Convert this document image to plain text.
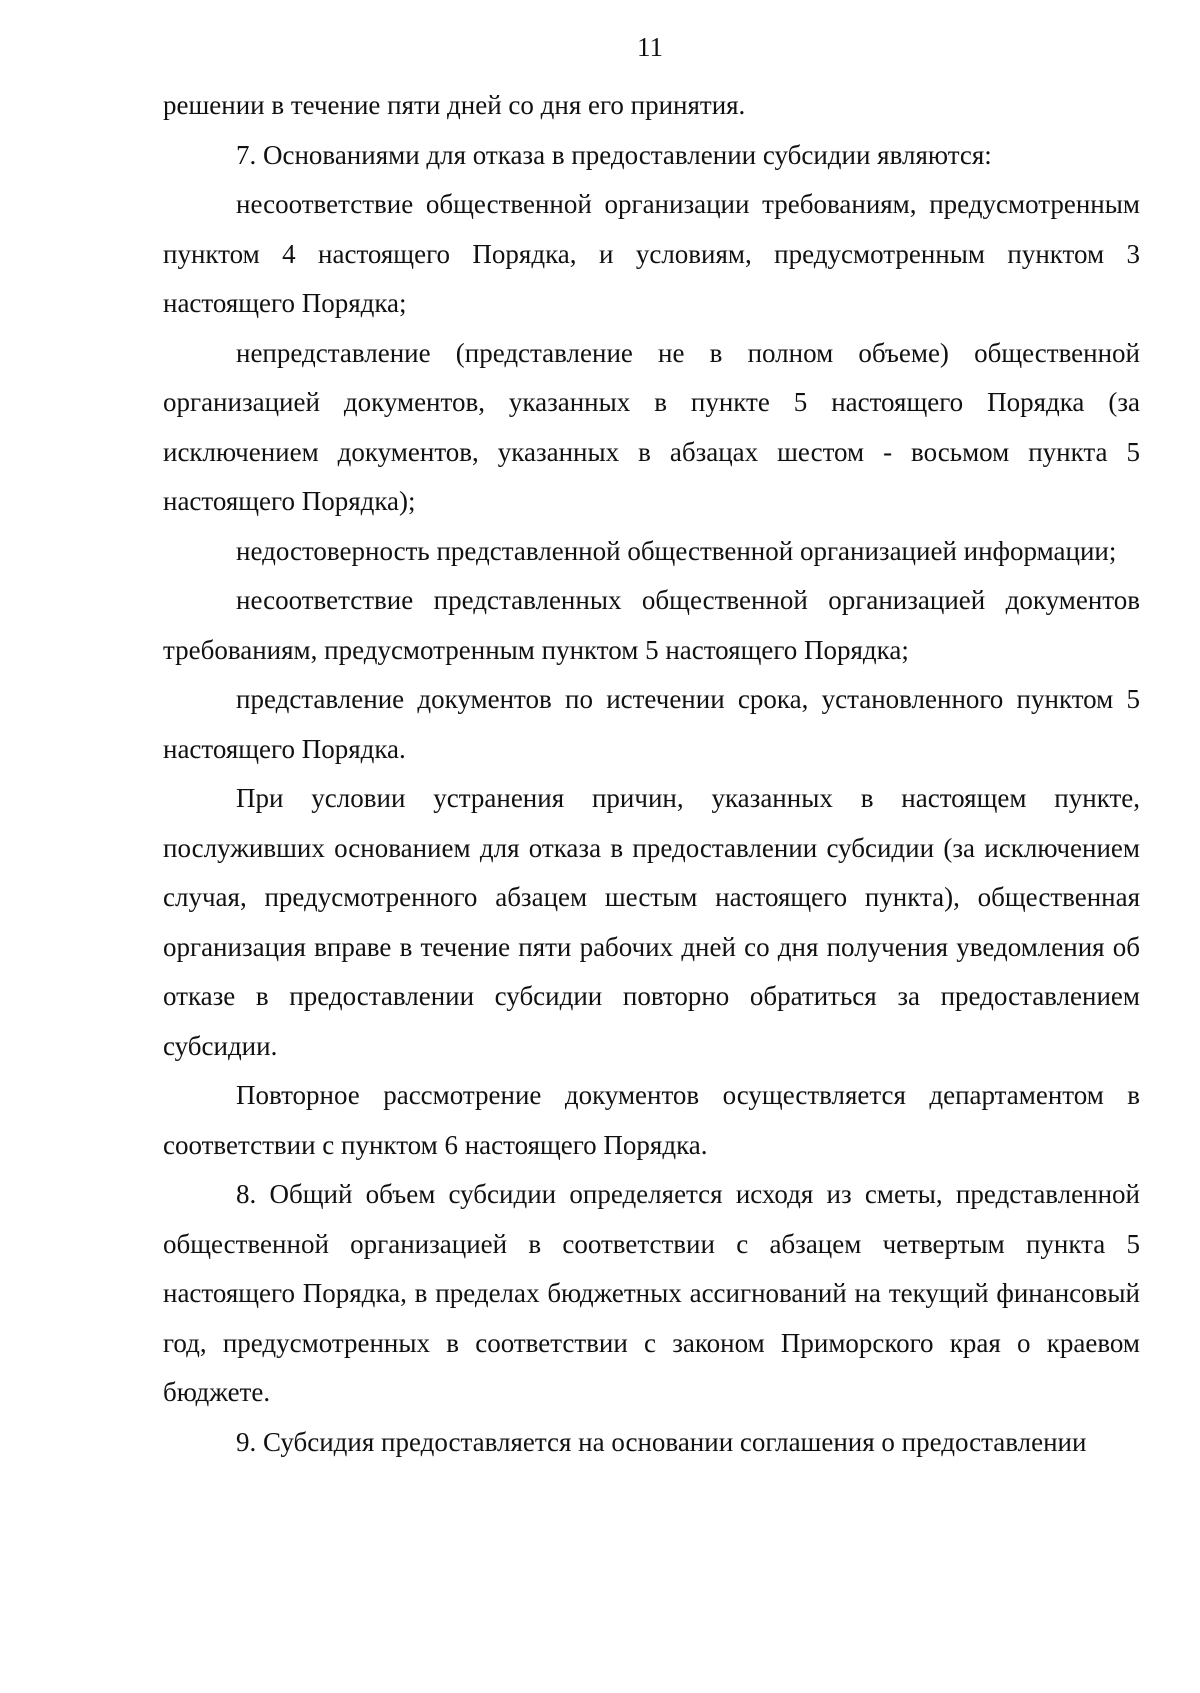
11

решении в течение пяти дней со дня его принятия.

7. Основаниями для отказа в предоставлении субсидии являются:

несоответствие общественной организации требованиям, предусмотренным пунктом 4 настоящего Порядка, и условиям, предусмотренным пунктом 3 настоящего Порядка;

непредставление (представление не в полном объеме) общественной организацией документов, указанных в пункте 5 настоящего Порядка (за исключением документов, указанных в абзацах шестом - восьмом пункта 5 настоящего Порядка);

недостоверность представленной общественной организацией информации;

несоответствие представленных общественной организацией документов требованиям, предусмотренным пунктом 5 настоящего Порядка;

представление документов по истечении срока, установленного пунктом 5 настоящего Порядка.

При условии устранения причин, указанных в настоящем пункте, послуживших основанием для отказа в предоставлении субсидии (за исключением случая, предусмотренного абзацем шестым настоящего пункта), общественная организация вправе в течение пяти рабочих дней со дня получения уведомления об отказе в предоставлении субсидии повторно обратиться за предоставлением субсидии.

Повторное рассмотрение документов осуществляется департаментом в соответствии с пунктом 6 настоящего Порядка.

8. Общий объем субсидии определяется исходя из сметы, представленной общественной организацией в соответствии с абзацем четвертым пункта 5 настоящего Порядка, в пределах бюджетных ассигнований на текущий финансовый год, предусмотренных в соответствии с законом Приморского края о краевом бюджете.

9. Субсидия предоставляется на основании соглашения о предоставлении
